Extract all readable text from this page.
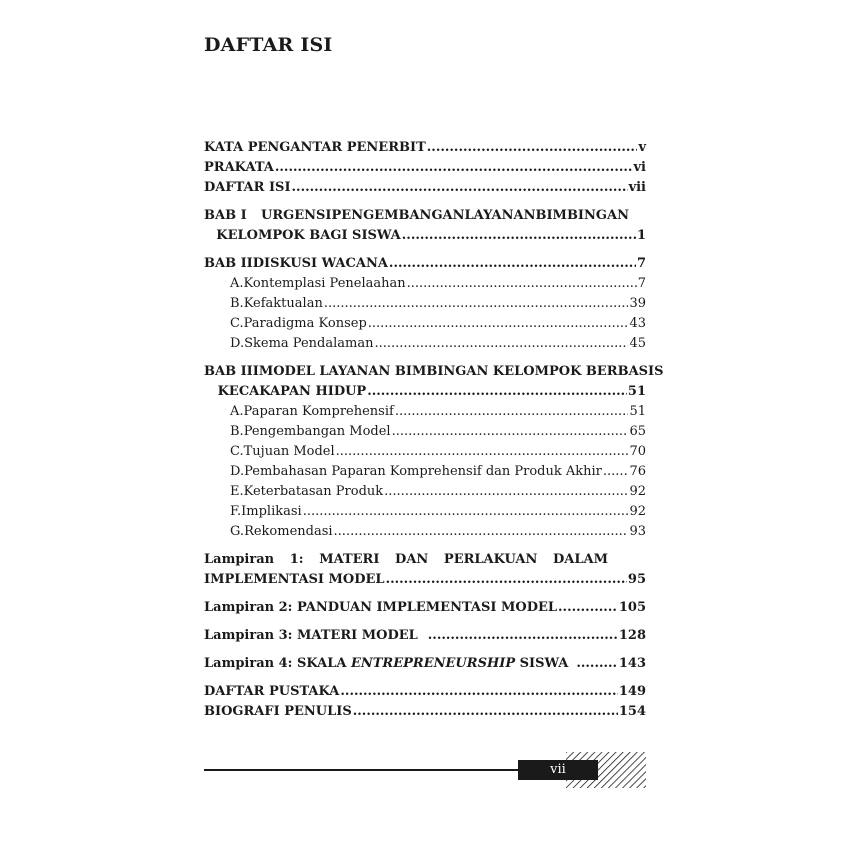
DAFTAR ISI
KATA PENGANTAR PENERBIT .....	v
PRAKATA .....	vi
DAFTAR ISI .....	vii
BAB I	URGENSI PENGEMBANGAN LAYANAN BIMBINGAN
KELOMPOK BAGI SISWA .....	1
BAB II DISKUSI WACANA .....	7
A. Kontemplasi Penelaahan .....	7
B. Kefaktualan .....	39
C. Paradigma Konsep .....	43
D. Skema Pendalaman .....	45
BAB III MODEL LAYANAN BIMBINGAN KELOMPOK BERBASIS
KECAKAPAN HIDUP .....	51
A. Paparan Komprehensif .....	51
B. Pengembangan Model .....	65
C. Tujuan Model .....	70
D. Pembahasan Paparan Komprehensif dan Produk Akhir ..... 76
E. Keterbatasan Produk .....	92
F. Implikasi .....	92
G. Rekomendasi .....	93
Lampiran 1: MATERI DAN PERLAKUAN DALAM
IMPLEMENTASI MODEL .....	95
Lampiran 2: PANDUAN IMPLEMENTASI MODEL .....	105
Lampiran 3: MATERI MODEL .....	128
Lampiran 4: SKALA ENTREPRENEURSHIP SISWA .....	143
DAFTAR PUSTAKA .....	149
BIOGRAFI PENULIS .....	154
vii
